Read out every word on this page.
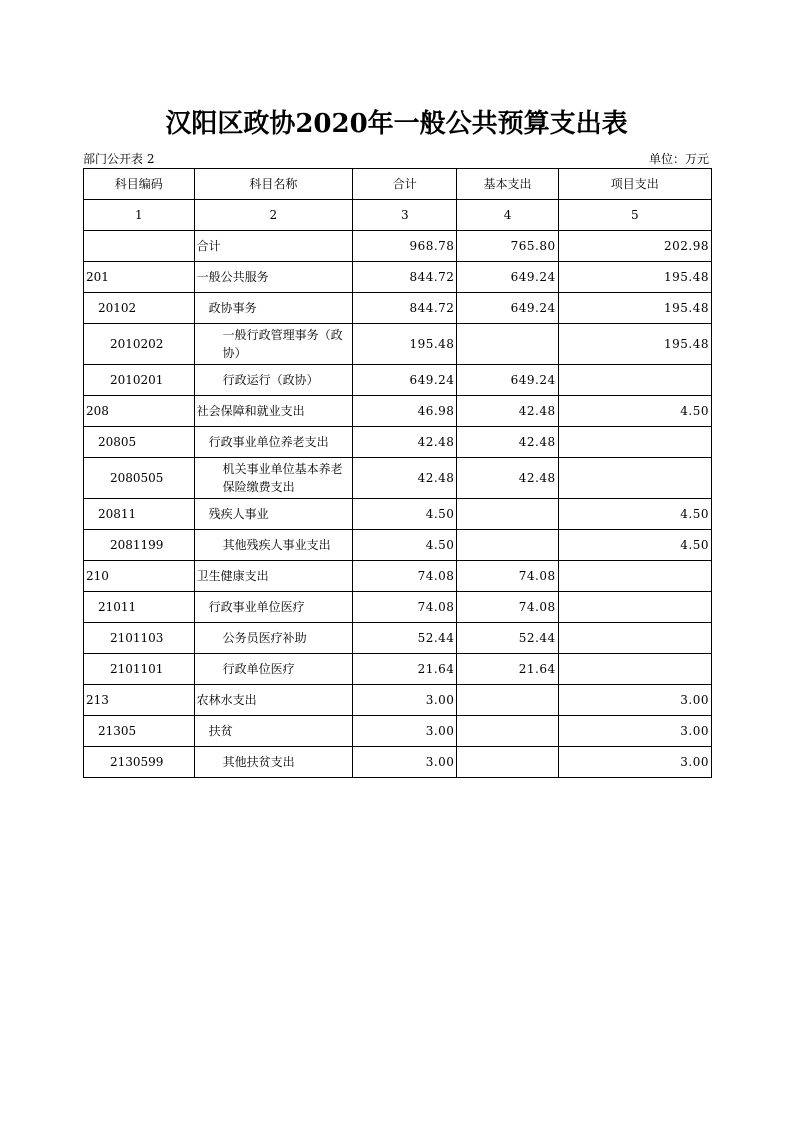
汉阳区政协2020年一般公共预算支出表
部门公开表 2	单位：万元
科目编码	科目名称	合计	基本支出	项目支出
1	2	3	4	5
	合计	968.78	765.80	202.98
201	一般公共服务	844.72	649.24	195.48
20102	政协事务	844.72	649.24	195.48
2010202	一般行政管理事务（政协）	195.48		195.48
2010201	行政运行（政协）	649.24	649.24	
208	社会保障和就业支出	46.98	42.48	4.50
20805	行政事业单位养老支出	42.48	42.48	
2080505	机关事业单位基本养老保险缴费支出	42.48	42.48	
20811	残疾人事业	4.50		4.50
2081199	其他残疾人事业支出	4.50		4.50
210	卫生健康支出	74.08	74.08	
21011	行政事业单位医疗	74.08	74.08	
2101103	公务员医疗补助	52.44	52.44	
2101101	行政单位医疗	21.64	21.64	
213	农林水支出	3.00		3.00
21305	扶贫	3.00		3.00
2130599	其他扶贫支出	3.00		3.00
